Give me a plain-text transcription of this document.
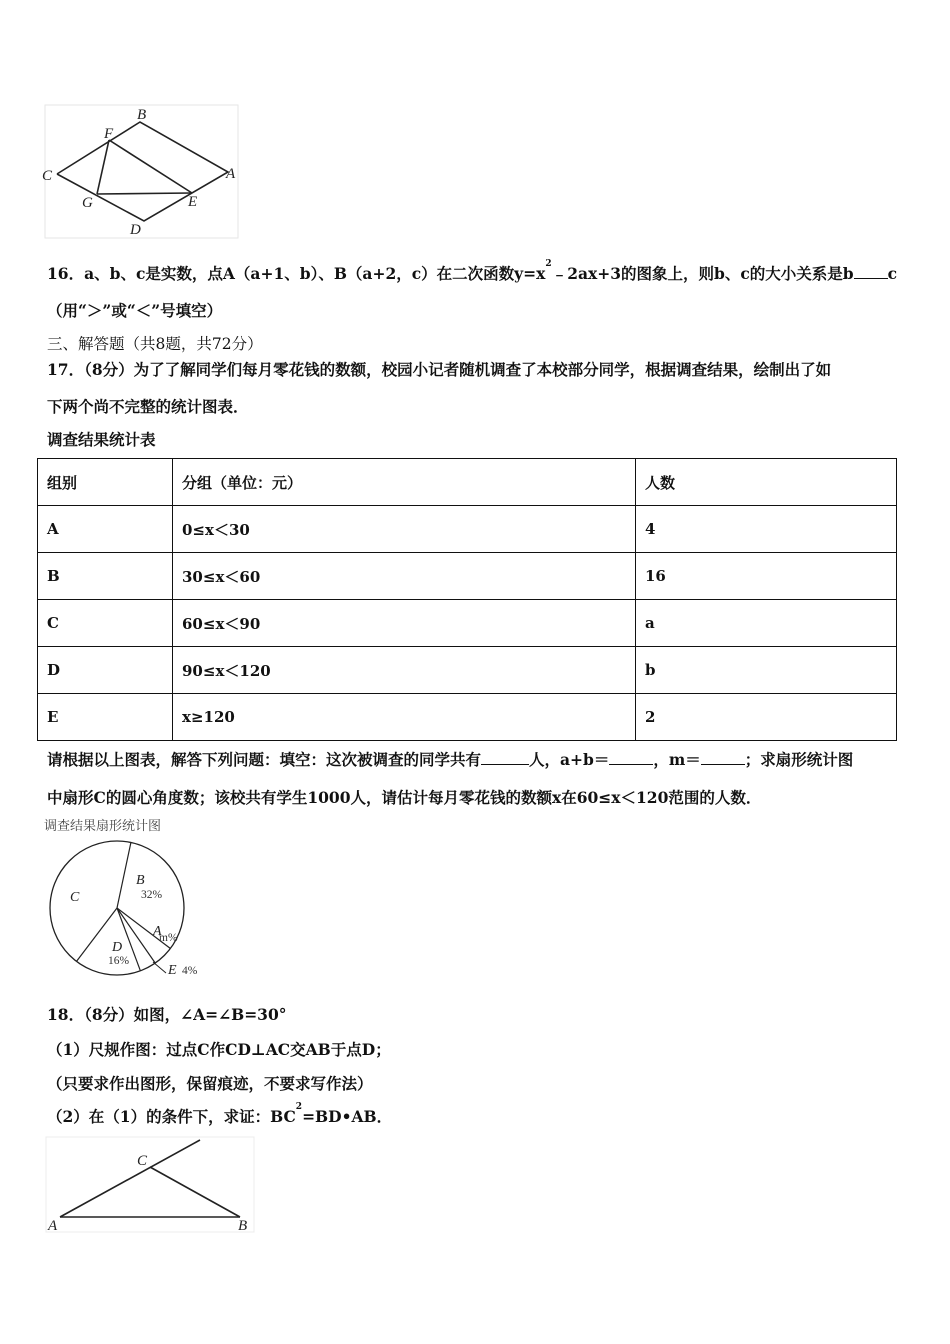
B
F
C	A
G	E
D
16．a、b、c是实数，点A（a+1、b）、B（a+2，c）在二次函数$y=x^2﹣2ax+3$的图象上，则b、c的大小关系是b c
（用“＞”或“＜”号填空）
三、解答题（共8题，共72分）
17．（8分）为了了解同学们每月零花钱的数额，校园小记者随机调查了本校部分同学，根据调查结果，绘制出了如
下两个尚不完整的统计图表．
调查结果统计表
组别	分组（单位：元）	人数
A	0≤x＜30	4
B	30≤x＜60	16
C	60≤x＜90	a
D	90≤x＜120	b
E	x≥120	2
请根据以上图表，解答下列问题：填空：这次被调查的同学共有	人，a+b＝	，m＝	；求扇形统计图
中扇形C的圆心角度数；该校共有学生1000人，请估计每月零花钱的数额x在60≤x＜120范围的人数．
调查结果扇形统计图
C
B
A
D
E
32%
m%
16%
4%
18．（8分）如图，∠A=∠B=30°
（1）尺规作图：过点C作CD⊥AC交AB于点D；
（只要求作出图形，保留痕迹，不要求写作法）
（2）在（1）的条件下，求证：$BC^2=BD•AB$．
C
A	B
